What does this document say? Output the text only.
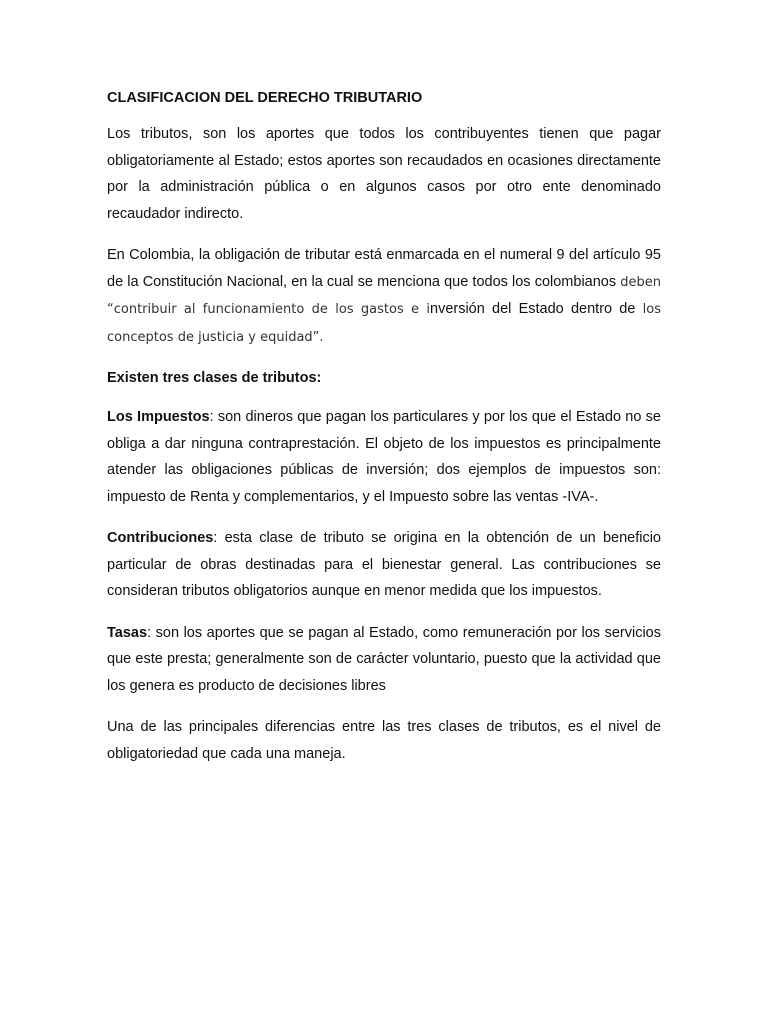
CLASIFICACION DEL DERECHO TRIBUTARIO

Los tributos, son los aportes que todos los contribuyentes tienen que pagar obligatoriamente al Estado; estos aportes son recaudados en ocasiones directamente por la administración pública o en algunos casos por otro ente denominado recaudador indirecto.

En Colombia, la obligación de tributar está enmarcada en el numeral 9 del artículo 95 de la Constitución Nacional, en la cual se menciona que todos los colombianos deben “contribuir al funcionamiento de los gastos e inversión del Estado dentro de los conceptos de justicia y equidad”.

Existen tres clases de tributos:

Los Impuestos: son dineros que pagan los particulares y por los que el Estado no se obliga a dar ninguna contraprestación. El objeto de los impuestos es principalmente atender las obligaciones públicas de inversión; dos ejemplos de impuestos son: impuesto de Renta y complementarios, y el Impuesto sobre las ventas -IVA-.

Contribuciones: esta clase de tributo se origina en la obtención de un beneficio particular de obras destinadas para el bienestar general. Las contribuciones se consideran tributos obligatorios aunque en menor medida que los impuestos.

Tasas: son los aportes que se pagan al Estado, como remuneración por los servicios que este presta; generalmente son de carácter voluntario, puesto que la actividad que los genera es producto de decisiones libres

Una de las principales diferencias entre las tres clases de tributos, es el nivel de obligatoriedad que cada una maneja.
